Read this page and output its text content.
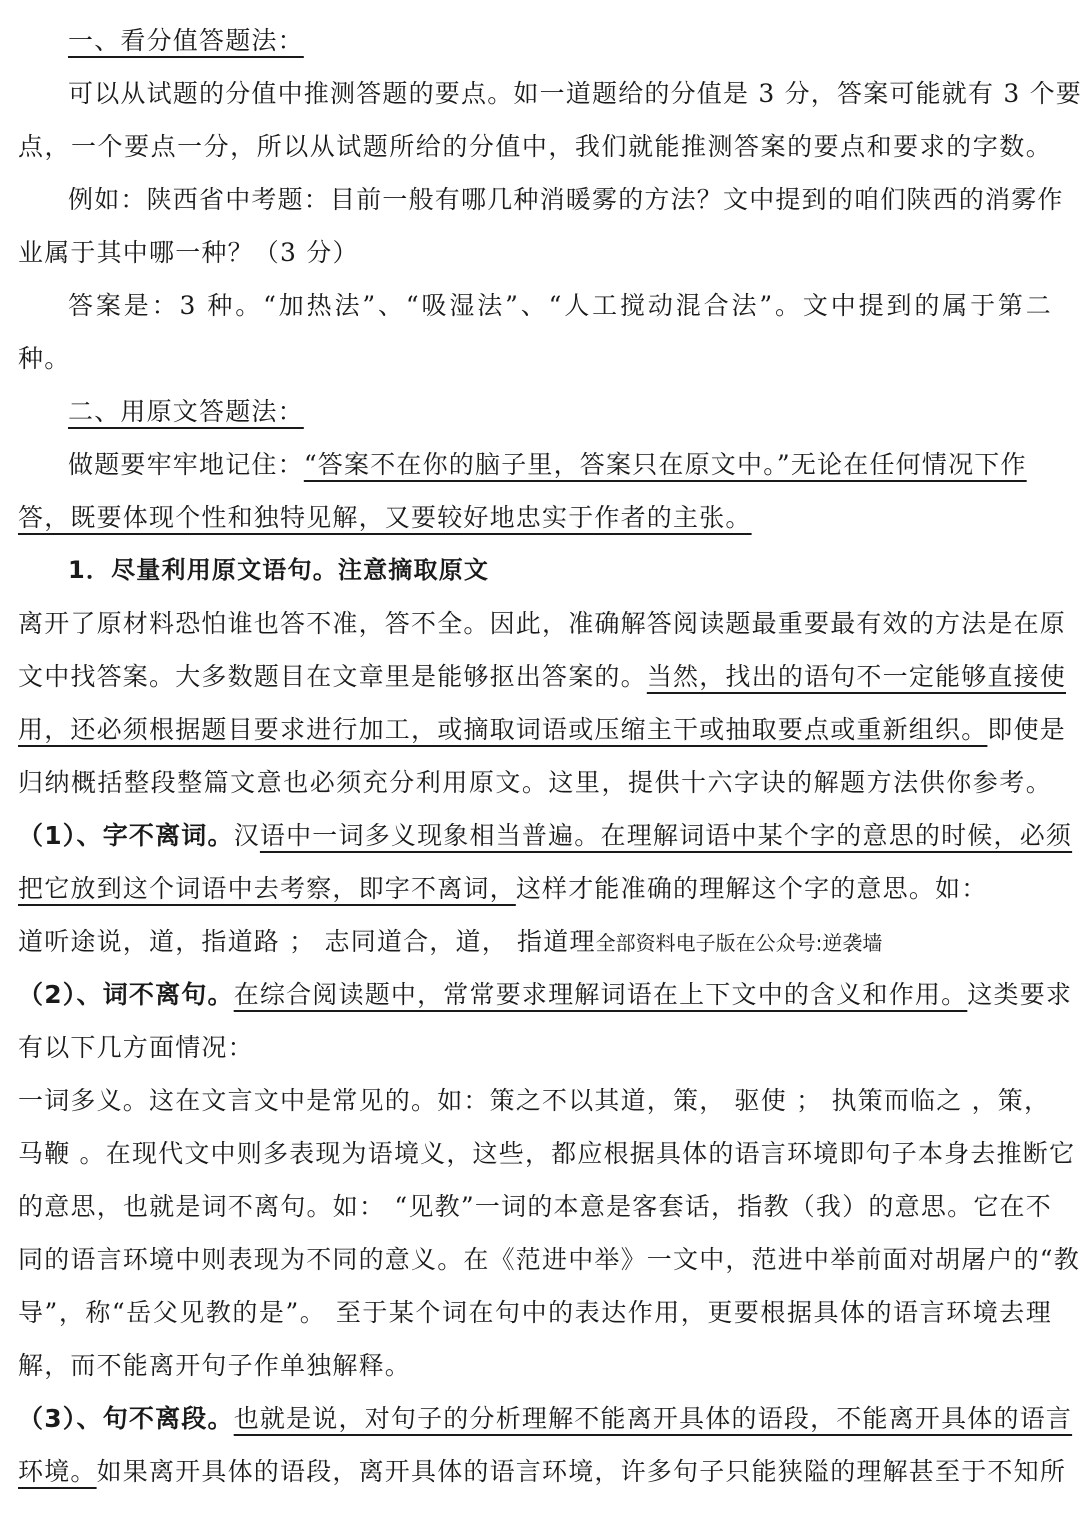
一、看分值答题法：
可以从试题的分值中推测答题的要点。如一道题给的分值是 3 分，答案可能就有 3 个要
点，一个要点一分，所以从试题所给的分值中，我们就能推测答案的要点和要求的字数。
例如：陕西省中考题：目前一般有哪几种消暖雾的方法？文中提到的咱们陕西的消雾作
业属于其中哪一种？（3 分）
答案是：3 种。“加热法”、“吸湿法”、“人工搅动混合法”。文中提到的属于第二
种。
二、用原文答题法：
做题要牢牢地记住：“答案不在你的脑子里，答案只在原文中。”无论在任何情况下作
答，既要体现个性和独特见解，又要较好地忠实于作者的主张。
1．尽量利用原文语句。注意摘取原文
离开了原材料恐怕谁也答不准，答不全。因此，准确解答阅读题最重要最有效的方法是在原
文中找答案。大多数题目在文章里是能够抠出答案的。当然，找出的语句不一定能够直接使
用，还必须根据题目要求进行加工，或摘取词语或压缩主干或抽取要点或重新组织。即使是
归纳概括整段整篇文意也必须充分利用原文。这里，提供十六字诀的解题方法供你参考。
（1）、字不离词。汉语中一词多义现象相当普遍。在理解词语中某个字的意思的时候，必须
把它放到这个词语中去考察，即字不离词，这样才能准确的理解这个字的意思。如：
道听途说，道，指道路 ； 志同道合，道， 指道理全部资料电子版在公众号:逆袭墙
（2）、词不离句。在综合阅读题中，常常要求理解词语在上下文中的含义和作用。这类要求
有以下几方面情况：
一词多义。这在文言文中是常见的。如：策之不以其道，策， 驱使 ； 执策而临之 ，策，
马鞭 。在现代文中则多表现为语境义，这些，都应根据具体的语言环境即句子本身去推断它
的意思，也就是词不离句。如： “见教”一词的本意是客套话，指教（我）的意思。它在不
同的语言环境中则表现为不同的意义。在《范进中举》一文中，范进中举前面对胡屠户的“教
导”，称“岳父见教的是”。 至于某个词在句中的表达作用，更要根据具体的语言环境去理
解，而不能离开句子作单独解释。
（3）、句不离段。也就是说，对句子的分析理解不能离开具体的语段，不能离开具体的语言
环境。如果离开具体的语段，离开具体的语言环境，许多句子只能狭隘的理解甚至于不知所
